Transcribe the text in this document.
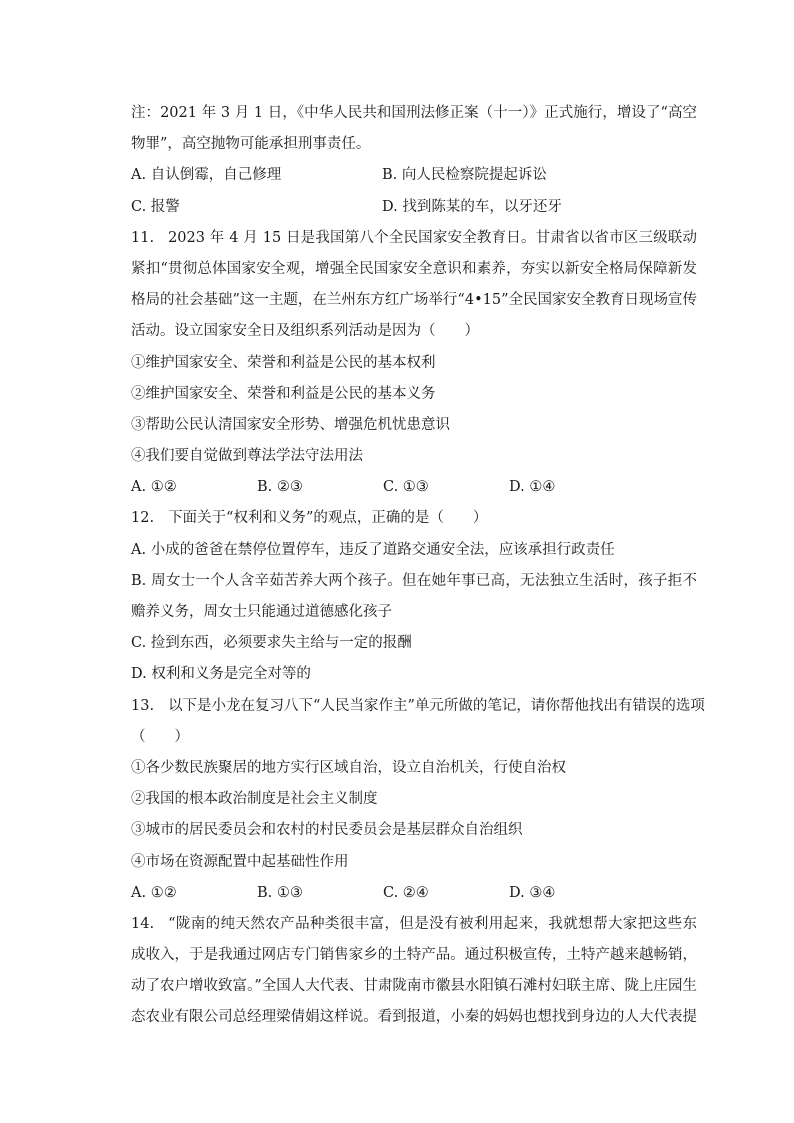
注：2021 年 3 月 1 日，《中华人民共和国刑法修正案（十一）》正式施行，增设了“高空
物罪”，高空抛物可能承担刑事责任。
A. 自认倒霉，自己修理	B. 向人民检察院提起诉讼
C. 报警	D. 找到陈某的车，以牙还牙
11. 2023 年 4 月 15 日是我国第八个全民国家安全教育日。甘肃省以省市区三级联动
紧扣“贯彻总体国家安全观，增强全民国家安全意识和素养，夯实以新安全格局保障新发
格局的社会基础”这一主题，在兰州东方红广场举行“4•15”全民国家安全教育日现场宣传
活动。设立国家安全日及组织系列活动是因为（　　）
①维护国家安全、荣誉和利益是公民的基本权利
②维护国家安全、荣誉和利益是公民的基本义务
③帮助公民认清国家安全形势、增强危机忧患意识
④我们要自觉做到尊法学法守法用法
A. ①②	B. ②③	C. ①③	D. ①④
12. 下面关于“权利和义务”的观点，正确的是（　　）
A. 小成的爸爸在禁停位置停车，违反了道路交通安全法，应该承担行政责任
B. 周女士一个人含辛茹苦养大两个孩子。但在她年事已高，无法独立生活时，孩子拒不
赡养义务，周女士只能通过道德感化孩子
C. 捡到东西，必须要求失主给与一定的报酬
D. 权利和义务是完全对等的
13. 以下是小龙在复习八下“人民当家作主”单元所做的笔记，请你帮他找出有错误的选项
（　　）
①各少数民族聚居的地方实行区域自治，设立自治机关，行使自治权
②我国的根本政治制度是社会主义制度
③城市的居民委员会和农村的村民委员会是基层群众自治组织
④市场在资源配置中起基础性作用
A. ①②	B. ①③	C. ②④	D. ③④
14. “陇南的纯天然农产品种类很丰富，但是没有被利用起来，我就想帮大家把这些东
成收入，于是我通过网店专门销售家乡的土特产品。通过积极宣传，土特产越来越畅销，
动了农户增收致富。”全国人大代表、甘肃陇南市徽县水阳镇石滩村妇联主席、陇上庄园生
态农业有限公司总经理梁倩娟这样说。看到报道，小秦的妈妈也想找到身边的人大代表提
